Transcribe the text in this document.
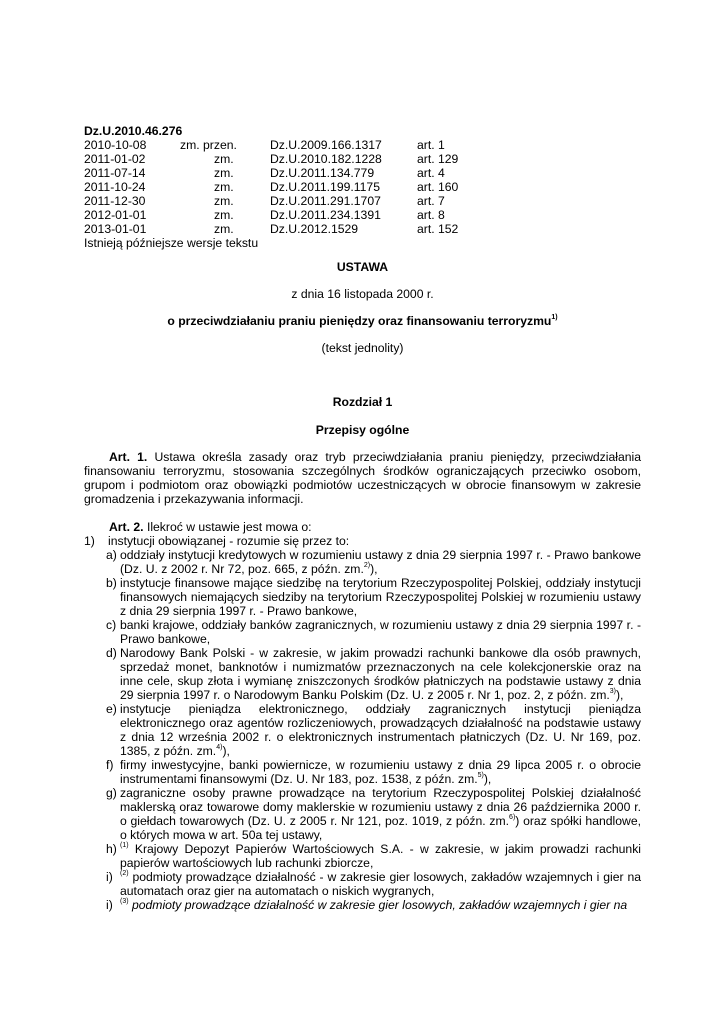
Dz.U.2010.46.276
2010-10-08	zm. przen.	Dz.U.2009.166.1317	art. 1
2011-01-02	zm.	Dz.U.2010.182.1228	art. 129
2011-07-14	zm.	Dz.U.2011.134.779	art. 4
2011-10-24	zm.	Dz.U.2011.199.1175	art. 160
2011-12-30	zm.	Dz.U.2011.291.1707	art. 7
2012-01-01	zm.	Dz.U.2011.234.1391	art. 8
2013-01-01	zm.	Dz.U.2012.1529	art. 152
Istnieją późniejsze wersje tekstu
USTAWA
z dnia 16 listopada 2000 r.
o przeciwdziałaniu praniu pieniędzy oraz finansowaniu terroryzmu$^{1)}$
(tekst jednolity)
Rozdział 1
Przepisy ogólne
Art. 1. Ustawa określa zasady oraz tryb przeciwdziałania praniu pieniędzy, przeciwdziałania finansowaniu terroryzmu, stosowania szczególnych środków ograniczających przeciwko osobom, grupom i podmiotom oraz obowiązki podmiotów uczestniczących w obrocie finansowym w zakresie gromadzenia i przekazywania informacji.
Art. 2. Ilekroć w ustawie jest mowa o:
1) instytucji obowiązanej - rozumie się przez to:
a) oddziały instytucji kredytowych w rozumieniu ustawy z dnia 29 sierpnia 1997 r. - Prawo bankowe (Dz. U. z 2002 r. Nr 72, poz. 665, z późn. zm.$^{2)}$),
b) instytucje finansowe mające siedzibę na terytorium Rzeczypospolitej Polskiej, oddziały instytucji finansowych niemających siedziby na terytorium Rzeczypospolitej Polskiej w rozumieniu ustawy z dnia 29 sierpnia 1997 r. - Prawo bankowe,
c) banki krajowe, oddziały banków zagranicznych, w rozumieniu ustawy z dnia 29 sierpnia 1997 r. - Prawo bankowe,
d) Narodowy Bank Polski - w zakresie, w jakim prowadzi rachunki bankowe dla osób prawnych, sprzedaż monet, banknotów i numizmatów przeznaczonych na cele kolekcjonerskie oraz na inne cele, skup złota i wymianę zniszczonych środków płatniczych na podstawie ustawy z dnia 29 sierpnia 1997 r. o Narodowym Banku Polskim (Dz. U. z 2005 r. Nr 1, poz. 2, z późn. zm.$^{3)}$),
e) instytucje pieniądza elektronicznego, oddziały zagranicznych instytucji pieniądza elektronicznego oraz agentów rozliczeniowych, prowadzących działalność na podstawie ustawy z dnia 12 września 2002 r. o elektronicznych instrumentach płatniczych (Dz. U. Nr 169, poz. 1385, z późn. zm.$^{4)}$),
f) firmy inwestycyjne, banki powiernicze, w rozumieniu ustawy z dnia 29 lipca 2005 r. o obrocie instrumentami finansowymi (Dz. U. Nr 183, poz. 1538, z późn. zm.$^{5)}$),
g) zagraniczne osoby prawne prowadzące na terytorium Rzeczypospolitej Polskiej działalność maklerską oraz towarowe domy maklerskie w rozumieniu ustawy z dnia 26 października 2000 r. o giełdach towarowych (Dz. U. z 2005 r. Nr 121, poz. 1019, z późn. zm.$^{6)}$) oraz spółki handlowe, o których mowa w art. 50a tej ustawy,
h) $^{(1)}$ Krajowy Depozyt Papierów Wartościowych S.A. - w zakresie, w jakim prowadzi rachunki papierów wartościowych lub rachunki zbiorcze,
i) $^{(2)}$ podmioty prowadzące działalność - w zakresie gier losowych, zakładów wzajemnych i gier na automatach oraz gier na automatach o niskich wygranych,
i) $^{(3)}$ podmioty prowadzące działalność w zakresie gier losowych, zakładów wzajemnych i gier na
